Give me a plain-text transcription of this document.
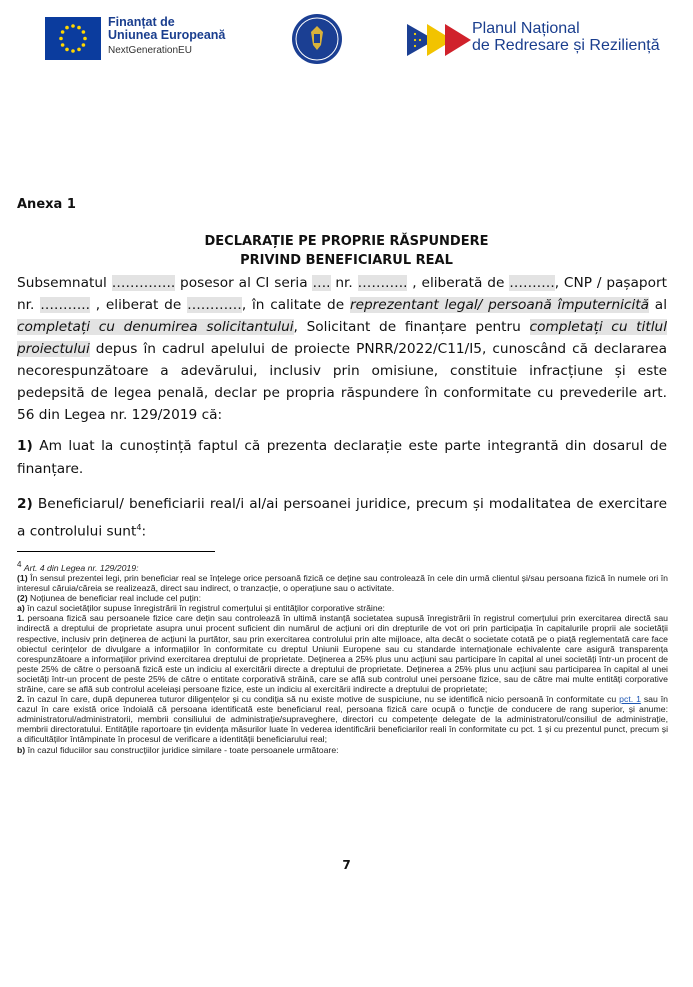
Finanțat de
Uniunea Europeană
NextGenerationEU
Planul Național
de Redresare și Reziliență
Anexa 1
DECLARAȚIE PE PROPRIE RĂSPUNDERE
PRIVIND BENEFICIARUL REAL
Subsemnatul ………….. posesor al CI seria …. nr. ……….. , eliberată de ………., CNP / pașaport nr. ……….. , eliberat de …………, în calitate de reprezentant legal/ persoană împuternicită al completați cu denumirea solicitantului, Solicitant de finanțare pentru completați cu titlul proiectului depus în cadrul apelului de proiecte PNRR/2022/C11/I5, cunoscând că declararea necorespunzătoare a adevărului, inclusiv prin omisiune, constituie infracțiune și este pedepsită de legea penală, declar pe propria răspundere în conformitate cu prevederile art. 56 din Legea nr. 129/2019 că:
1) Am luat la cunoștință faptul că prezenta declarație este parte integrantă din dosarul de finanțare.
2) Beneficiarul/ beneficiarii real/i al/ai persoanei juridice, precum și modalitatea de exercitare a controlului sunt$^4$:

$^4$ Art. 4 din Legea nr. 129/2019:

(1) În sensul prezentei legi, prin beneficiar real se înțelege orice persoană fizică ce deține sau controlează în cele din urmă clientul și/sau persoana fizică în numele ori în interesul căruia/căreia se realizează, direct sau indirect, o tranzacție, o operațiune sau o activitate.

(2) Noțiunea de beneficiar real include cel puțin:

a) în cazul societăților supuse înregistrării în registrul comerțului și entităților corporative străine:

1. persoana fizică sau persoanele fizice care dețin sau controlează în ultimă instanță societatea supusă înregistrării în registrul comerțului prin exercitarea directă sau indirectă a dreptului de proprietate asupra unui procent suficient din numărul de acțiuni ori din drepturile de vot ori prin participația în capitalurile proprii ale societății respective, inclusiv prin deținerea de acțiuni la purtător, sau prin exercitarea controlului prin alte mijloace, alta decât o societate cotată pe o piață reglementată care face obiectul cerințelor de divulgare a informațiilor în conformitate cu dreptul Uniunii Europene sau cu standarde internaționale echivalente care asigură transparența corespunzătoare a informațiilor privind exercitarea dreptului de proprietate. Deținerea a 25% plus unu acțiuni sau participare în capital al unei societăți într-un procent de peste 25% de către o persoană fizică este un indiciu al exercitării directe a dreptului de proprietate. Deținerea a 25% plus unu acțiuni sau participarea în capital al unei societăți într-un procent de peste 25% de către o entitate corporativă străină, care se află sub controlul unei persoane fizice, sau de către mai multe entități corporative străine, care se află sub controlul aceleiași persoane fizice, este un indiciu al exercitării indirecte a dreptului de proprietate;

2. în cazul în care, după depunerea tuturor diligențelor și cu condiția să nu existe motive de suspiciune, nu se identifică nicio persoană în conformitate cu pct. 1 sau în cazul în care există orice îndoială că persoana identificată este beneficiarul real, persoana fizică care ocupă o funcție de conducere de rang superior, și anume: administratorul/administratorii, membrii consiliului de administrație/supraveghere, directori cu competențe delegate de la administratorul/consiliul de administrație, membrii directoratului. Entitățile raportoare țin evidența măsurilor luate în vederea identificării beneficiarilor reali în conformitate cu pct. 1 și cu prezentul punct, precum și a dificultăților întâmpinate în procesul de verificare a identității beneficiarului real;

b) în cazul fiduciilor sau construcțiilor juridice similare - toate persoanele următoare:

7
